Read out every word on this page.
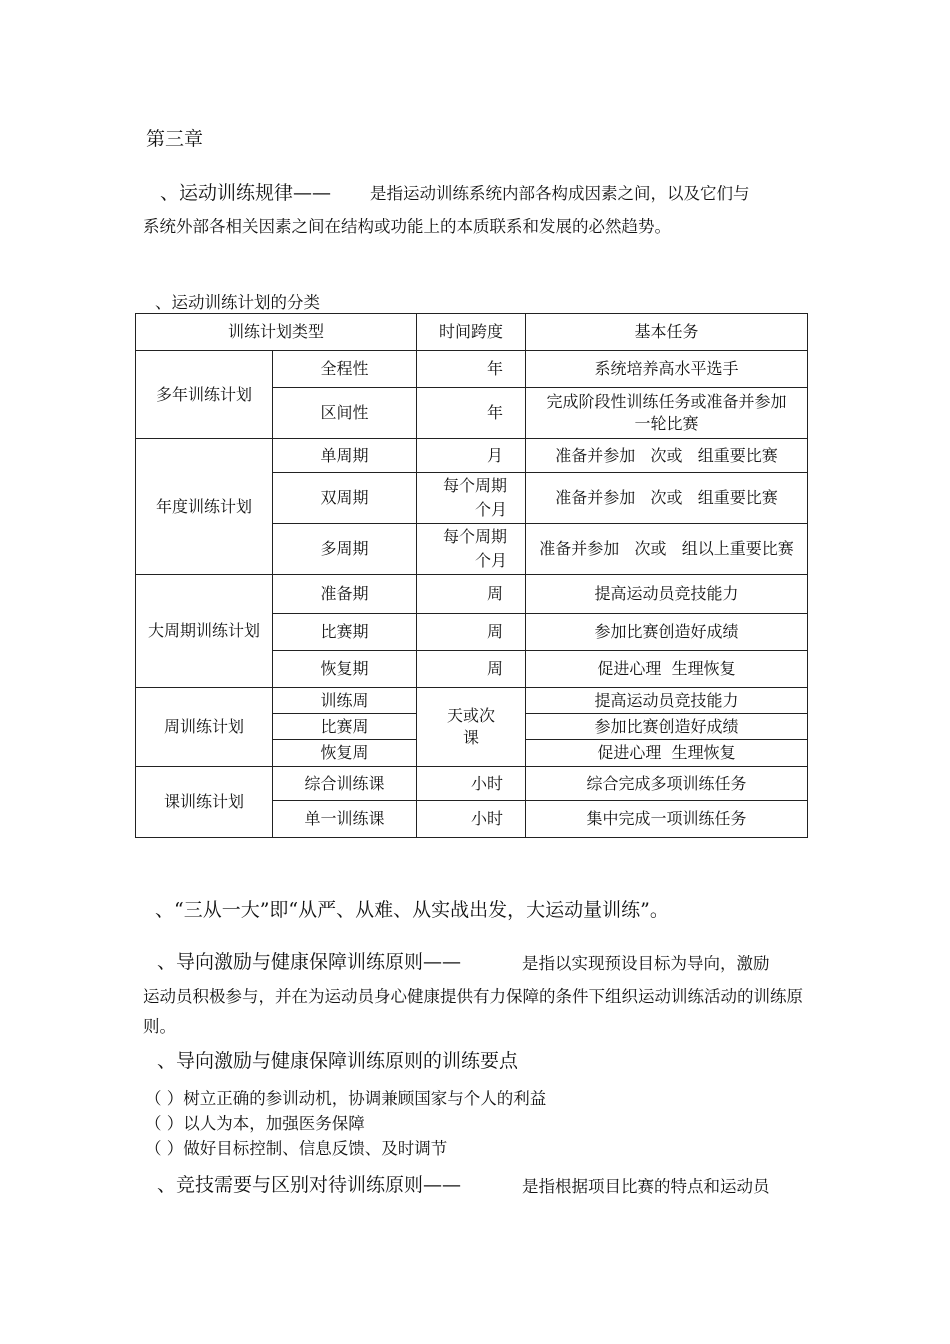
第三章
、运动训练规律—— 是指运动训练系统内部各构成因素之间，以及它们与
系统外部各相关因素之间在结构或功能上的本质联系和发展的必然趋势。
、运动训练计划的分类
训练计划类型		时间跨度	基本任务
多年训练计划	全程性	年	系统培养高水平选手
	区间性	年	完成阶段性训练任务或准备并参加一轮比赛
年度训练计划	单周期	月	准备并参加   次或   组重要比赛
	双周期	每个周期个月	准备并参加   次或   组重要比赛
	多周期	每个周期个月	准备并参加   次或   组以上重要比赛
大周期训练计划	准备期	周	提高运动员竞技能力
	比赛期	周	参加比赛创造好成绩
	恢复期	周	促进心理  生理恢复
周训练计划	训练周	天或次课	提高运动员竞技能力
	比赛周		参加比赛创造好成绩
	恢复周		促进心理  生理恢复
课训练计划	综合训练课	小时	综合完成多项训练任务
	单一训练课	小时	集中完成一项训练任务
、“三从一大”即“从严、从难、从实战出发，大运动量训练”。
、导向激励与健康保障训练原则——	是指以实现预设目标为导向，激励
运动员积极参与，并在为运动员身心健康提供有力保障的条件下组织运动训练活动的训练原则。
、导向激励与健康保障训练原则的训练要点
（ ）树立正确的参训动机，协调兼顾国家与个人的利益
（ ）以人为本，加强医务保障
（ ）做好目标控制、信息反馈、及时调节
、竞技需要与区别对待训练原则——	是指根据项目比赛的特点和运动员
